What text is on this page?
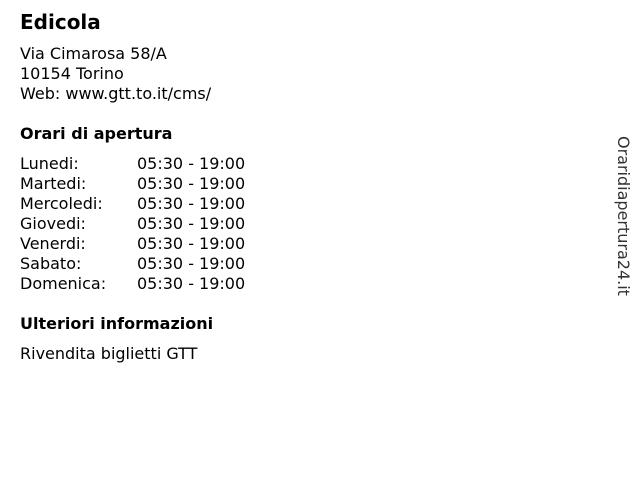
Edicola
Via Cimarosa 58/A
10154 Torino
Web: www.gtt.to.it/cms/
Orari di apertura
Lunedi:	05:30 - 19:00
Martedi:	05:30 - 19:00
Mercoledi: 05:30 - 19:00
Giovedi:	05:30 - 19:00
Venerdi:	05:30 - 19:00
Sabato:	05:30 - 19:00
Domenica: 05:30 - 19:00
Ulteriori informazioni
Rivendita biglietti GTT
Oraridiapertura24.it
